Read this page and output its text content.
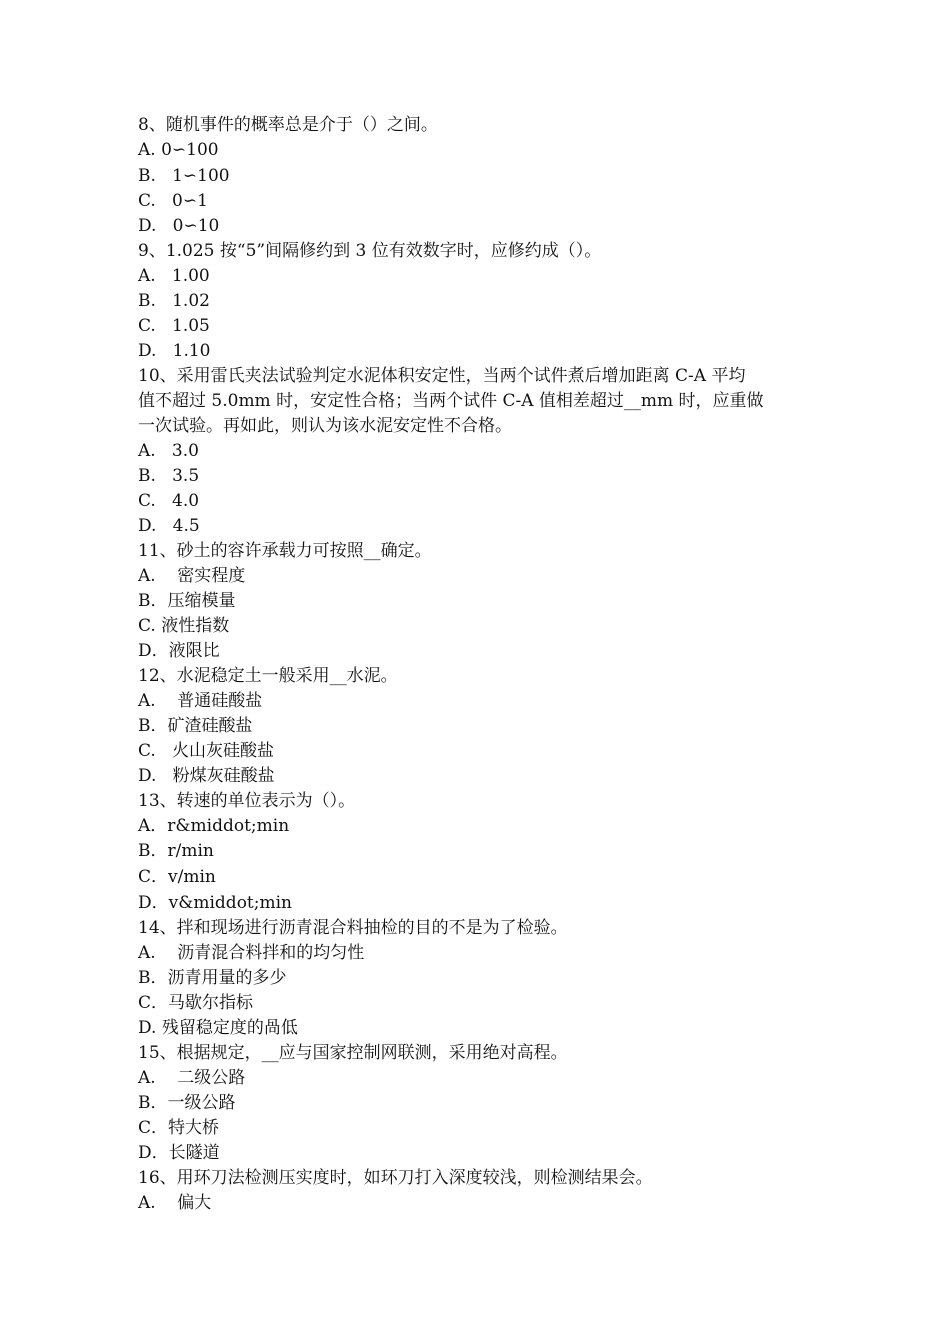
8、随机事件的概率总是介于（）之间。

A. 0∽100

B.   1∽100

C.   0∽1

D.   0∽10

9、1.025 按“5”间隔修约到 3 位有效数字时，应修约成（）。

A.   1.00

B.   1.02

C.   1.05

D.   1.10

10、采用雷氏夹法试验判定水泥体积安定性，当两个试件煮后增加距离 C-A 平均

值不超过 5.0mm 时，安定性合格；当两个试件 C-A 值相差超过__mm 时，应重做

一次试验。再如此，则认为该水泥安定性不合格。

A.   3.0

B.   3.5

C.   4.0

D.   4.5

11、砂土的容许承载力可按照__确定。

A.    密实程度

B．压缩模量

C. 液性指数

D．液限比

12、水泥稳定土一般采用__水泥。

A.    普通硅酸盐

B．矿渣硅酸盐

C.   火山灰硅酸盐

D.   粉煤灰硅酸盐

13、转速的单位表示为（）。

A．r&middot;min

B．r/min

C．v/min

D．v&middot;min

14、拌和现场进行沥青混合料抽检的目的不是为了检验。

A.    沥青混合料拌和的均匀性

B．沥青用量的多少

C．马歇尔指标

D. 残留稳定度的咼低

15、根据规定，__应与国家控制网联测，采用绝对高程。

A.    二级公路

B．一级公路

C．特大桥

D．长隧道

16、用环刀法检测压实度时，如环刀打入深度较浅，则检测结果会。

A.    偏大
